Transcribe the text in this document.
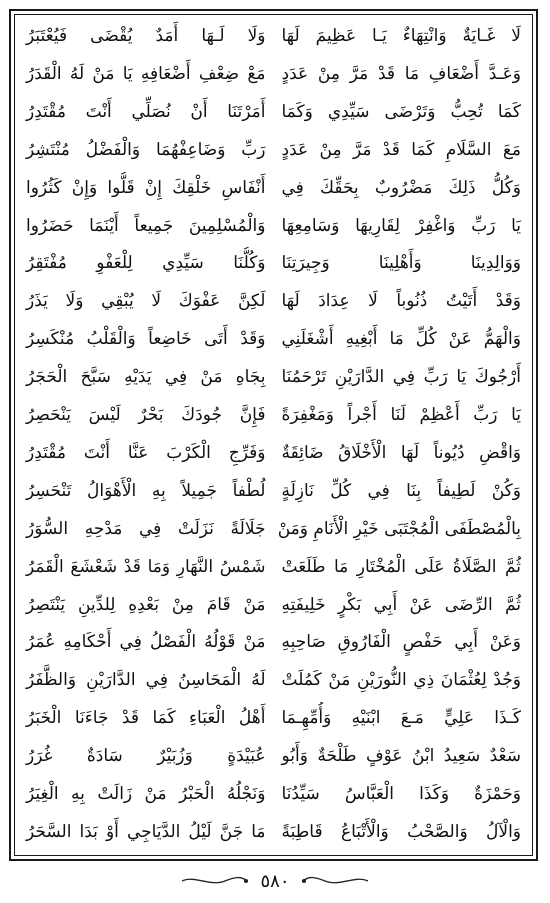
لَا غَـايَةٌ وَانْتِهَاءٌ يَـا عَظِيمَ لَهَا
وَلَا لَـهَا أَمَدٌ يُقْضَى فَيُعْتَبَرُ
وَعَـدَّ أَضْعَافِ مَا قَدْ مَرَّ مِنْ عَدَدٍ
مَعْ ضِعْفِ أَضْعَافِهِ يَا مَنْ لَهُ الْقَدَرُ
كَمَا تُحِبُّ وَتَرْضَى سَيِّدِي وَكَمَا
أَمَرْتَنَا أَنْ نُصَلِّي أَنْتَ مُقْتَدِرُ
مَعَ السَّلَامِ كَمَا قَدْ مَرَّ مِنْ عَدَدٍ
رَبِّ وَضَاعِفْهُمَا وَالْفَضْلُ مُنْتَشِرُ
وَكُلُّ ذَلِكَ مَضْرُوبٌ بِحَقِّكَ فِي
أَنْفَاسِ خَلْقِكَ إِنْ قَلُّوا وَإِنْ كَثُرُوا
يَا رَبِّ وَاغْفِرْ لِقَارِيهَا وَسَامِعِهَا
وَالْمُسْلِمِينَ جَمِيعاً أَيْنَمَا حَضَرُوا
وَوَالِدِينَا وَأَهْلِينَا وَجِيرَتِنَا
وَكُلُّنَا سَيِّدِي لِلْعَفْوِ مُفْتَقِرُ
وَقَدْ أَتَيْتُ ذُنُوباً لَا عِدَادَ لَهَا
لَكِنَّ عَفْوَكَ لَا يُبْقِي وَلَا يَذَرُ
وَالْهَمُّ عَنْ كُلِّ مَا أَبْغِيهِ أَشْغَلَنِي
وَقَدْ أَتَى خَاضِعاً وَالْقَلْبُ مُنْكَسِرُ
أَرْجُوكَ يَا رَبِّ فِي الدَّارَيْنِ تَرْحَمُنَا
بِجَاهِ مَنْ فِي يَدَيْهِ سَبَّحَ الْحَجَرُ
يَا رَبِّ أَعْظِمْ لَنَا أَجْراً وَمَغْفِرَةً
فَإِنَّ جُودَكَ بَحْرٌ لَيْسَ يَنْحَصِرُ
وَاقْضِ دُيُوناً لَهَا الْأَخْلَاقُ ضَائِقَةٌ
وَفَرِّجِ الْكَرْبَ عَنَّا أَنْتَ مُقْتَدِرُ
وَكُنْ لَطِيفاً بِنَا فِي كُلِّ نَازِلَةٍ
لُطْفاً جَمِيلاً بِهِ الْأَهْوَالُ تَنْحَسِرُ
بِالْمُصْطَفَى الْمُجْتَبَى خَيْرِ الْأَنَامِ وَمَنْ
جَلَالَةً نَزَلَتْ فِي مَدْحِهِ السُّوَرُ
ثُمَّ الصَّلَاةُ عَلَى الْمُخْتَارِ مَا طَلَعَتْ
شَمْسُ النَّهَارِ وَمَا قَدْ شَعْشَعَ الْقَمَرُ
ثُمَّ الرِّضَى عَنْ أَبِي بَكْرٍ خَلِيفَتِهِ
مَنْ قَامَ مِنْ بَعْدِهِ لِلدِّينِ يَنْتَصِرُ
وَعَنْ أَبِي حَفْصٍ الْفَارُوقِ صَاحِبِهِ
مَنْ قَوْلُهُ الْفَصْلُ فِي أَحْكَامِهِ عُمَرُ
وَجُدْ لِعُثْمَانَ ذِي النُّورَيْنِ مَنْ كَمُلَتْ
لَهُ الْمَحَاسِنُ فِي الدَّارَيْنِ وَالظَّفَرُ
كَـذَا عَلِيٍّ مَـعَ ابْنَيْهِ وَأُمِّهِـمَا
أَهْلُ الْعَبَاءِ كَمَا قَدْ جَاءَنَا الْخَبَرُ
سَعْدٌ سَعِيدُ ابْنُ عَوْفٍ طَلْحَةٌ وَأَبُو
عُبَيْدَةٍ وَزُبَيْرٌ سَادَةٌ غُرَرُ
وَحَمْزَةٌ وَكَذَا الْعَبَّاسُ سَيِّدُنَا
وَنَجْلُهُ الْحَبْرُ مَنْ زَالَتْ بِهِ الْغِيَرُ
وَالْآلُ وَالصَّحْبُ وَالْأَتْبَاعُ قَاطِبَةً
مَا جَنَّ لَيْلُ الدَّيَاجِي أَوْ بَدَا السَّحَرُ
٥٨٠
